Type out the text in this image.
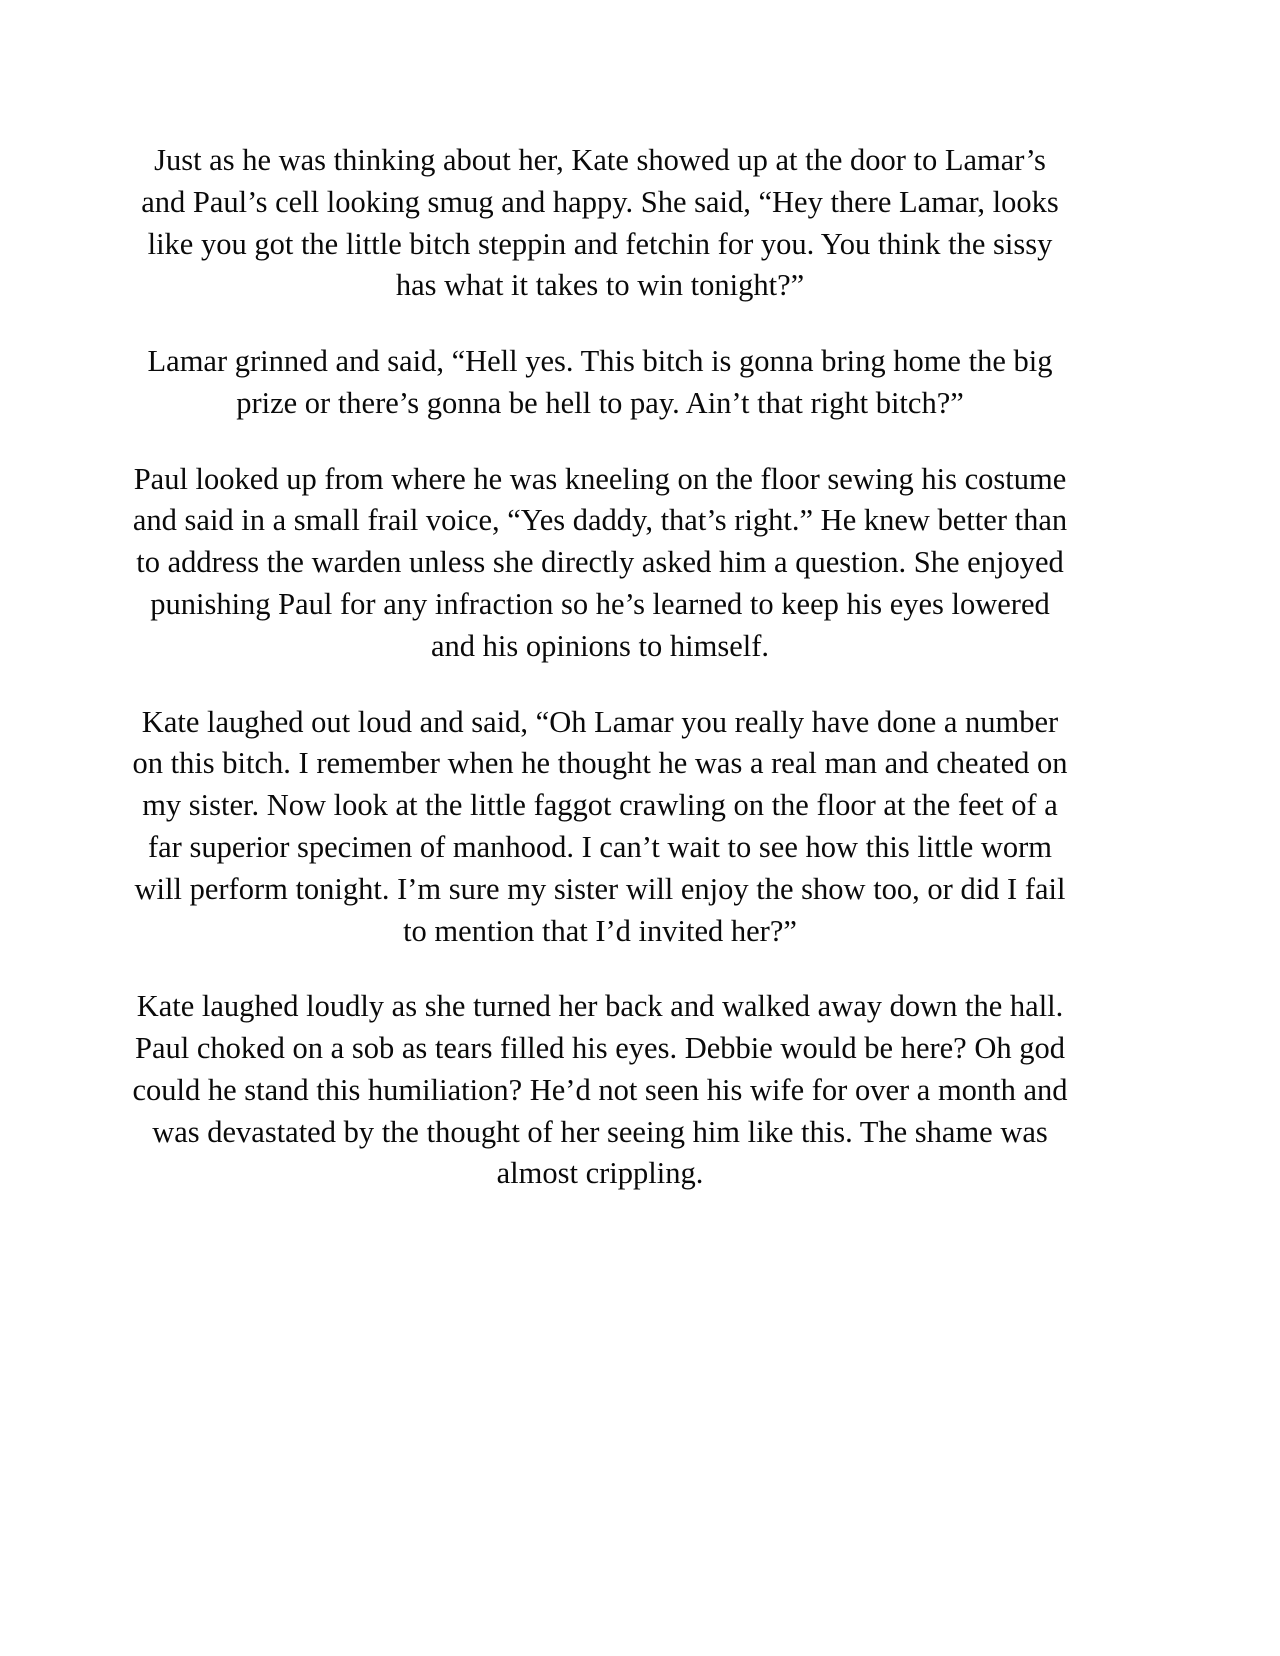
Just as he was thinking about her, Kate showed up at the door to Lamar’s and Paul’s cell looking smug and happy. She said, “Hey there Lamar, looks like you got the little bitch steppin and fetchin for you. You think the sissy has what it takes to win tonight?”

Lamar grinned and said, “Hell yes. This bitch is gonna bring home the big prize or there’s gonna be hell to pay. Ain’t that right bitch?”

Paul looked up from where he was kneeling on the floor sewing his costume and said in a small frail voice, “Yes daddy, that’s right.” He knew better than to address the warden unless she directly asked him a question. She enjoyed punishing Paul for any infraction so he’s learned to keep his eyes lowered and his opinions to himself.

Kate laughed out loud and said, “Oh Lamar you really have done a number on this bitch. I remember when he thought he was a real man and cheated on my sister. Now look at the little faggot crawling on the floor at the feet of a far superior specimen of manhood. I can’t wait to see how this little worm will perform tonight. I’m sure my sister will enjoy the show too, or did I fail to mention that I’d invited her?”

Kate laughed loudly as she turned her back and walked away down the hall. Paul choked on a sob as tears filled his eyes. Debbie would be here? Oh god could he stand this humiliation? He’d not seen his wife for over a month and was devastated by the thought of her seeing him like this. The shame was almost crippling.
